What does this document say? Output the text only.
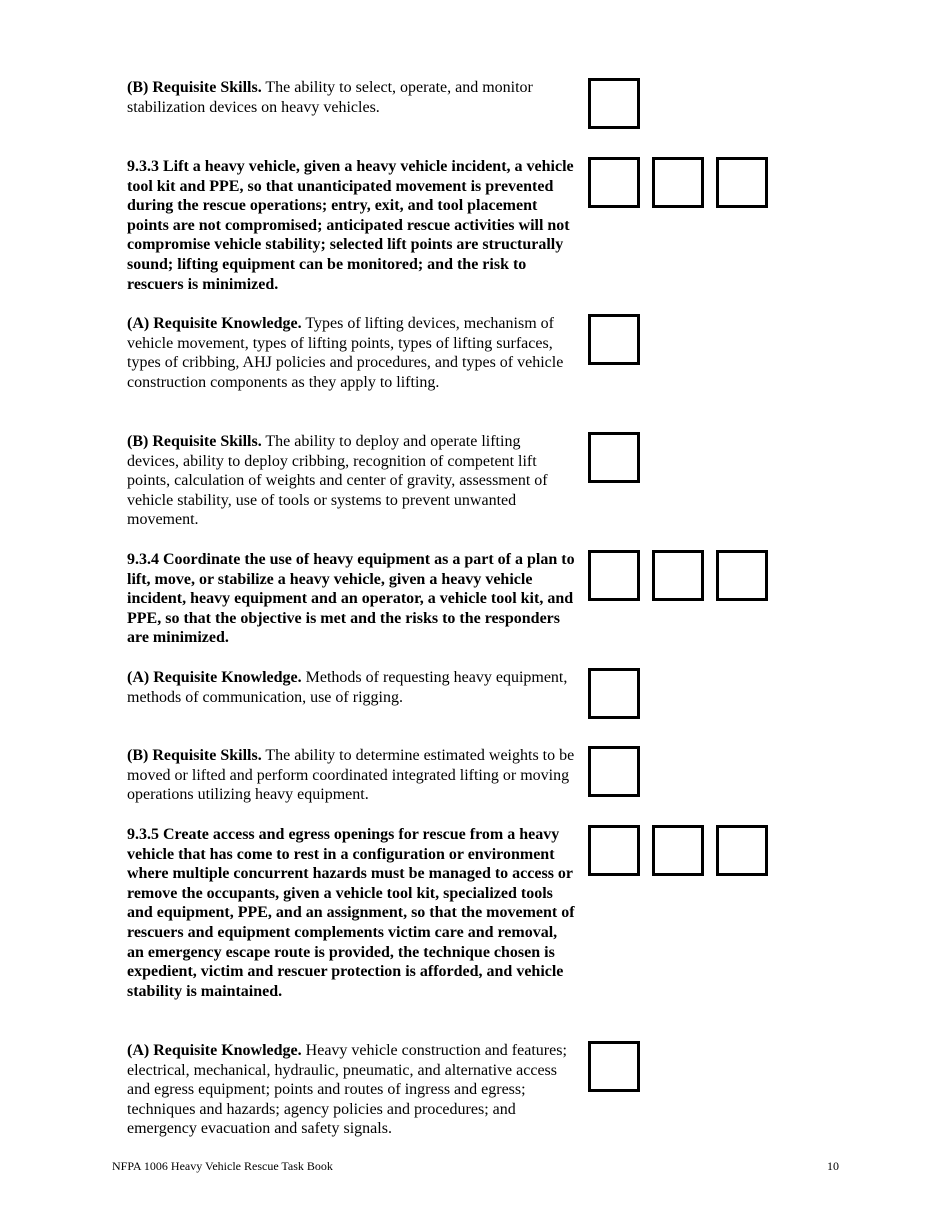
(B) Requisite Skills. The ability to select, operate, and monitor stabilization devices on heavy vehicles.
9.3.3 Lift a heavy vehicle, given a heavy vehicle incident, a vehicle tool kit and PPE, so that unanticipated movement is prevented during the rescue operations; entry, exit, and tool placement points are not compromised; anticipated rescue activities will not compromise vehicle stability; selected lift points are structurally sound; lifting equipment can be monitored; and the risk to rescuers is minimized.
(A) Requisite Knowledge. Types of lifting devices, mechanism of vehicle movement, types of lifting points, types of lifting surfaces, types of cribbing, AHJ policies and procedures, and types of vehicle construction components as they apply to lifting.
(B) Requisite Skills. The ability to deploy and operate lifting devices, ability to deploy cribbing, recognition of competent lift points, calculation of weights and center of gravity, assessment of vehicle stability, use of tools or systems to prevent unwanted movement.
9.3.4 Coordinate the use of heavy equipment as a part of a plan to lift, move, or stabilize a heavy vehicle, given a heavy vehicle incident, heavy equipment and an operator, a vehicle tool kit, and PPE, so that the objective is met and the risks to the responders are minimized.
(A) Requisite Knowledge. Methods of requesting heavy equipment, methods of communication, use of rigging.
(B) Requisite Skills. The ability to determine estimated weights to be moved or lifted and perform coordinated integrated lifting or moving operations utilizing heavy equipment.
9.3.5 Create access and egress openings for rescue from a heavy vehicle that has come to rest in a configuration or environment where multiple concurrent hazards must be managed to access or remove the occupants, given a vehicle tool kit, specialized tools and equipment, PPE, and an assignment, so that the movement of rescuers and equipment complements victim care and removal, an emergency escape route is provided, the technique chosen is expedient, victim and rescuer protection is afforded, and vehicle stability is maintained.
(A) Requisite Knowledge. Heavy vehicle construction and features; electrical, mechanical, hydraulic, pneumatic, and alternative access and egress equipment; points and routes of ingress and egress; techniques and hazards; agency policies and procedures; and emergency evacuation and safety signals.
NFPA 1006 Heavy Vehicle Rescue Task Book	10
